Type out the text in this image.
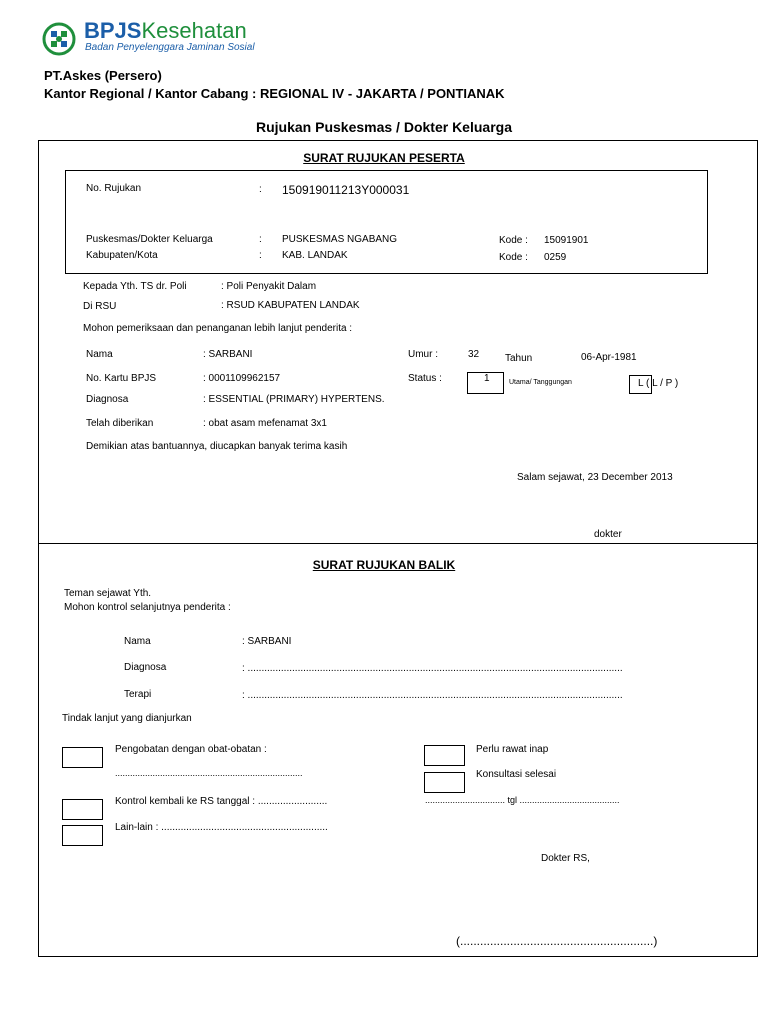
BPJSKesehatan
Badan Penyelenggara Jaminan Sosial
PT.Askes (Persero)
Kantor Regional / Kantor Cabang : REGIONAL IV - JAKARTA / PONTIANAK
Rujukan Puskesmas / Dokter Keluarga
SURAT RUJUKAN PESERTA
No. Rujukan	: 150919011213Y000031
Puskesmas/Dokter Keluarga	: PUSKESMAS NGABANG	Kode : 15091901
Kabupaten/Kota	: KAB. LANDAK	Kode : 0259
Kepada Yth. TS dr. Poli	: Poli Penyakit Dalam
Di RSU	: RSUD KABUPATEN LANDAK
Mohon pemeriksaan dan penanganan lebih lanjut penderita :
Nama	: SARBANI	Umur :	32	Tahun	06-Apr-1981
No. Kartu BPJS	: 0001109962157	Status :	1	Utama/ Tanggungan	L ( L / P )
Diagnosa	: ESSENTIAL (PRIMARY) HYPERTENS.
Telah diberikan	: obat asam mefenamat 3x1
Demikian atas bantuannya, diucapkan banyak terima kasih
Salam sejawat, 23 December 2013
dokter
SURAT RUJUKAN BALIK
Teman sejawat Yth.
Mohon kontrol selanjutnya penderita :
Nama	: SARBANI
Diagnosa	: .......................................................................................................................................
Terapi	: .......................................................................................................................................
Tindak lanjut yang dianjurkan
Pengobatan dengan obat-obatan :
...........................................................................
Perlu rawat inap
Konsultasi selesai
................................ tgl ........................................
Kontrol kembali ke RS tanggal : .........................
Lain-lain : ............................................................
Dokter RS,
(..........................................................)
